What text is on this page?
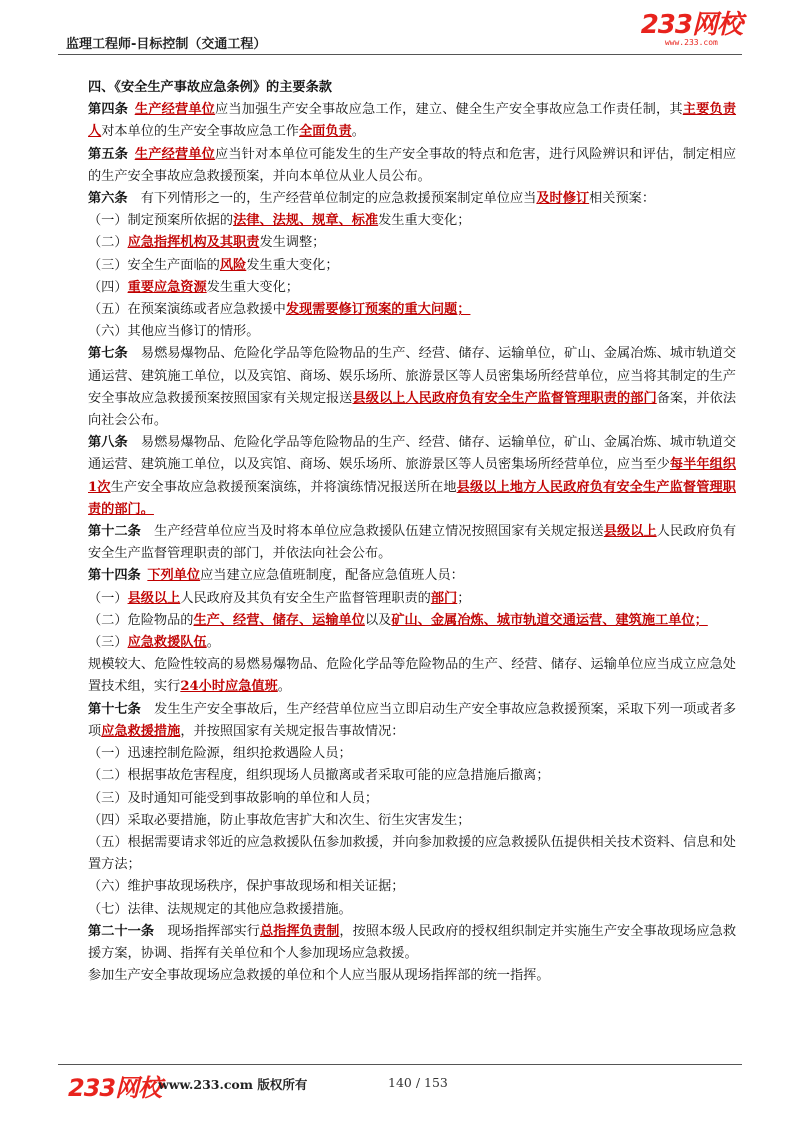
监理工程师-目标控制（交通工程）
233网校
www.233.com

四、《安全生产事故应急条例》的主要条款

第四条  生产经营单位应当加强生产安全事故应急工作，建立、健全生产安全事故应急工作责任制，其主要负责人对本单位的生产安全事故应急工作全面负责。

第五条  生产经营单位应当针对本单位可能发生的生产安全事故的特点和危害，进行风险辨识和评估，制定相应的生产安全事故应急救援预案，并向本单位从业人员公布。

第六条   有下列情形之一的，生产经营单位制定的应急救援预案制定单位应当及时修订相关预案：

（一）制定预案所依据的法律、法规、规章、标准发生重大变化；

（二）应急指挥机构及其职责发生调整；

（三）安全生产面临的风险发生重大变化；

（四）重要应急资源发生重大变化；

（五）在预案演练或者应急救援中发现需要修订预案的重大问题；

（六）其他应当修订的情形。

第七条   易燃易爆物品、危险化学品等危险物品的生产、经营、储存、运输单位，矿山、金属冶炼、城市轨道交通运营、建筑施工单位，以及宾馆、商场、娱乐场所、旅游景区等人员密集场所经营单位，应当将其制定的生产安全事故应急救援预案按照国家有关规定报送县级以上人民政府负有安全生产监督管理职责的部门备案，并依法向社会公布。

第八条   易燃易爆物品、危险化学品等危险物品的生产、经营、储存、运输单位，矿山、金属冶炼、城市轨道交通运营、建筑施工单位，以及宾馆、商场、娱乐场所、旅游景区等人员密集场所经营单位，应当至少每半年组织1次生产安全事故应急救援预案演练，并将演练情况报送所在地县级以上地方人民政府负有安全生产监督管理职责的部门。

第十二条   生产经营单位应当及时将本单位应急救援队伍建立情况按照国家有关规定报送县级以上人民政府负有安全生产监督管理职责的部门，并依法向社会公布。

第十四条  下列单位应当建立应急值班制度，配备应急值班人员：

（一）县级以上人民政府及其负有安全生产监督管理职责的部门；

（二）危险物品的生产、经营、储存、运输单位以及矿山、金属冶炼、城市轨道交通运营、建筑施工单位；

（三）应急救援队伍。

规模较大、危险性较高的易燃易爆物品、危险化学品等危险物品的生产、经营、储存、运输单位应当成立应急处置技术组，实行24小时应急值班。

第十七条   发生生产安全事故后，生产经营单位应当立即启动生产安全事故应急救援预案，采取下列一项或者多项应急救援措施，并按照国家有关规定报告事故情况：

（一）迅速控制危险源，组织抢救遇险人员；

（二）根据事故危害程度，组织现场人员撤离或者采取可能的应急措施后撤离；

（三）及时通知可能受到事故影响的单位和人员；

（四）采取必要措施，防止事故危害扩大和次生、衍生灾害发生；

（五）根据需要请求邻近的应急救援队伍参加救援，并向参加救援的应急救援队伍提供相关技术资料、信息和处置方法；

（六）维护事故现场秩序，保护事故现场和相关证据；

（七）法律、法规规定的其他应急救援措施。

第二十一条   现场指挥部实行总指挥负责制，按照本级人民政府的授权组织制定并实施生产安全事故现场应急救援方案，协调、指挥有关单位和个人参加现场应急救援。

参加生产安全事故现场应急救援的单位和个人应当服从现场指挥部的统一指挥。

233网校
www.233.com 版权所有	140 / 153
